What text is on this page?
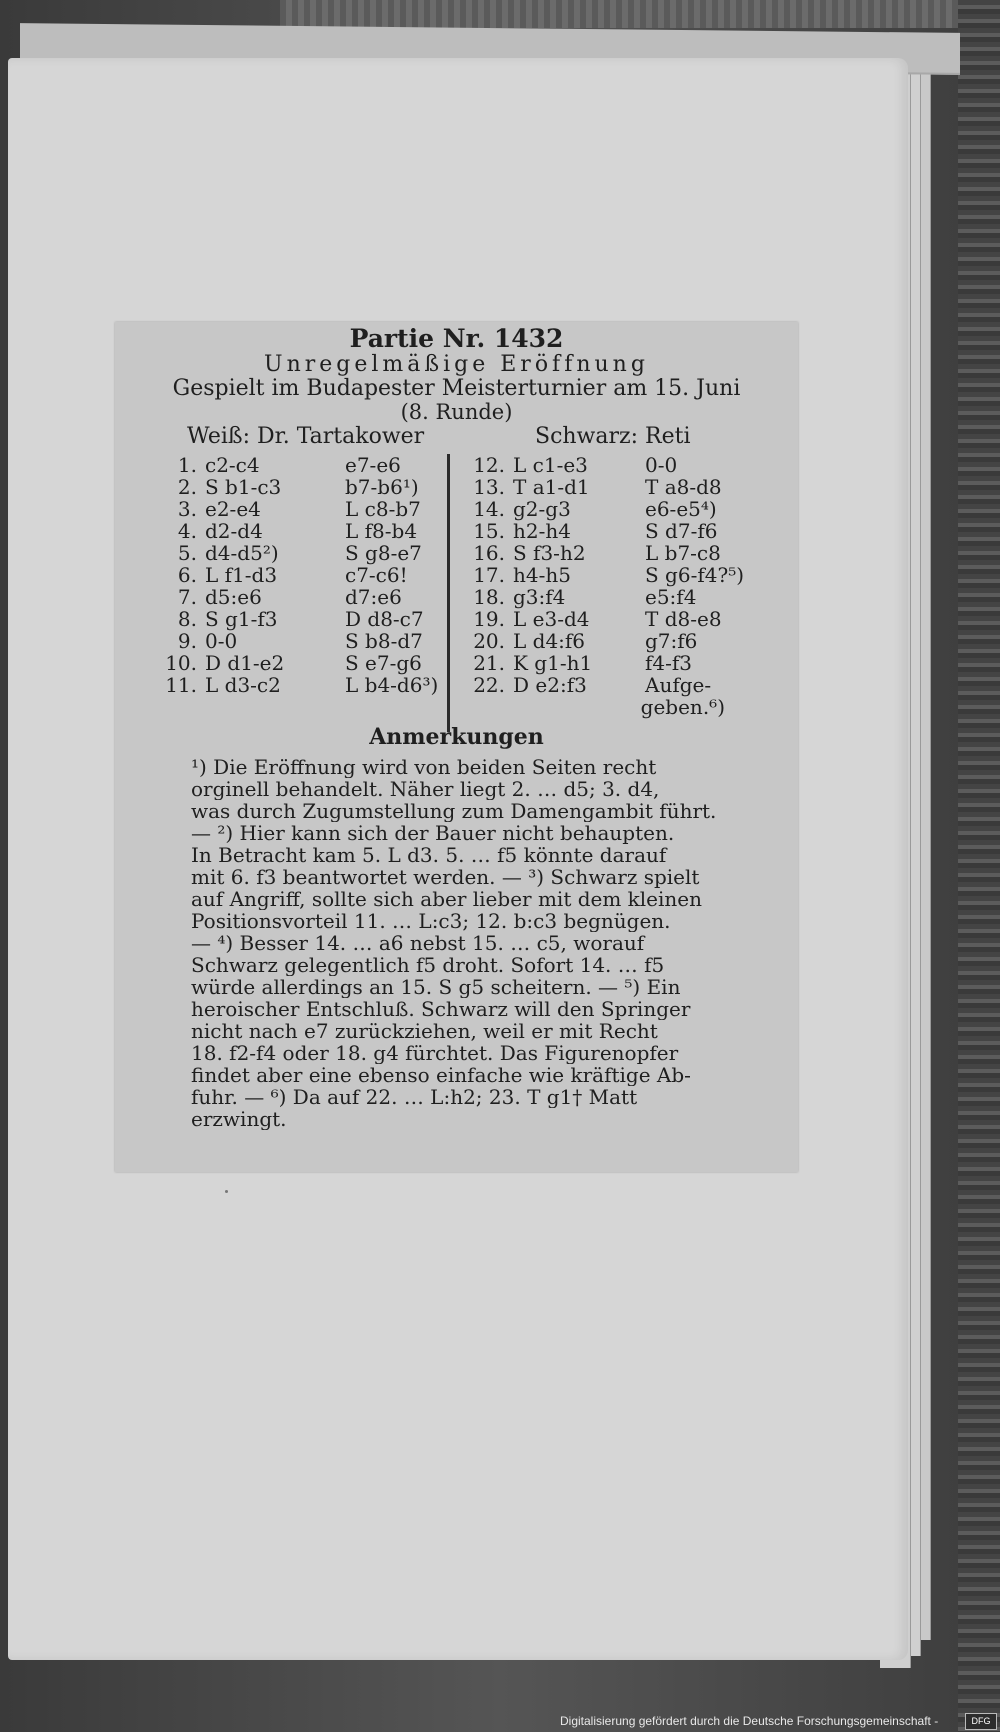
Partie Nr. 1432
Unregelmäßige Eröffnung
Gespielt im Budapester Meisterturnier am 15. Juni
(8. Runde)
Weiß: Dr. Tartakower	Schwarz: Reti
1. c2-c4	e7-e6
2. S b1-c3	b7-b6¹)
3. e2-e4	L c8-b7
4. d2-d4	L f8-b4
5. d4-d5²)	S g8-e7
6. L f1-d3	c7-c6!
7. d5:e6	d7:e6
8. S g1-f3	D d8-c7
9. 0-0	S b8-d7
10. D d1-e2	S e7-g6
11. L d3-c2	L b4-d6³)
12. L c1-e3	0-0
13. T a1-d1	T a8-d8
14. g2-g3	e6-e5⁴)
15. h2-h4	S d7-f6
16. S f3-h2	L b7-c8
17. h4-h5	S g6-f4?⁵)
18. g3:f4	e5:f4
19. L e3-d4	T d8-e8
20. L d4:f6	g7:f6
21. K g1-h1	f4-f3
22. D e2:f3	Aufge-
geben.⁶)
Anmerkungen
¹) Die Eröffnung wird von beiden Seiten recht
orginell behandelt. Näher liegt 2. … d5; 3. d4,
was durch Zugumstellung zum Damengambit führt.
— ²) Hier kann sich der Bauer nicht behaupten.
In Betracht kam 5. L d3. 5. … f5 könnte darauf
mit 6. f3 beantwortet werden. — ³) Schwarz spielt
auf Angriff, sollte sich aber lieber mit dem kleinen
Positionsvorteil 11. … L:c3; 12. b:c3 begnügen.
— ⁴) Besser 14. … a6 nebst 15. … c5, worauf
Schwarz gelegentlich f5 droht. Sofort 14. … f5
würde allerdings an 15. S g5 scheitern. — ⁵) Ein
heroischer Entschluß. Schwarz will den Springer
nicht nach e7 zurückziehen, weil er mit Recht
18. f2-f4 oder 18. g4 fürchtet. Das Figurenopfer
findet aber eine ebenso einfache wie kräftige Ab-
fuhr. — ⁶) Da auf 22. … L:h2; 23. T g1† Matt
erzwingt.
Digitalisierung gefördert durch die Deutsche Forschungsgemeinschaft -	DFG
